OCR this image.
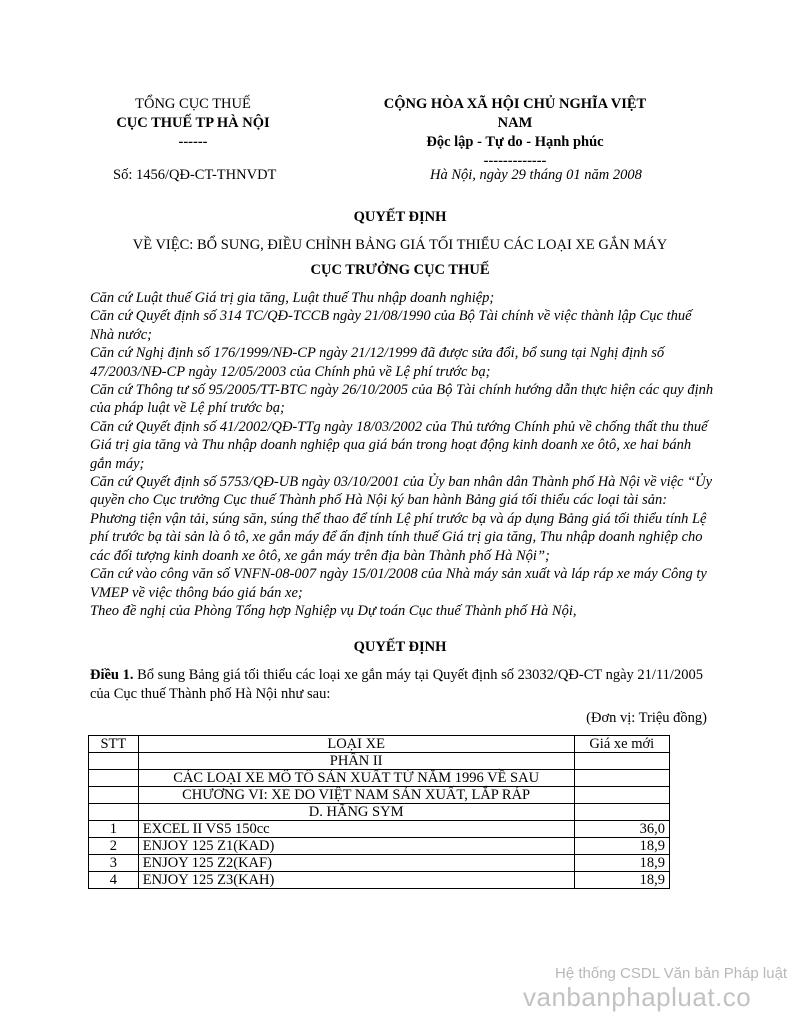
TỔNG CỤC THUẾ
CỤC THUẾ TP HÀ NỘI
------
CỘNG HÒA XÃ HỘI CHỦ NGHĨA VIỆT
NAM
Độc lập - Tự do - Hạnh phúc
-------------
Số: 1456/QĐ-CT-THNVDT	Hà Nội, ngày 29 tháng 01 năm 2008
QUYẾT ĐỊNH
VỀ VIỆC: BỔ SUNG, ĐIỀU CHỈNH BẢNG GIÁ TỐI THIỂU CÁC LOẠI XE GẮN MÁY
CỤC TRƯỞNG CỤC THUẾ

Căn cứ Luật thuế Giá trị gia tăng, Luật thuế Thu nhập doanh nghiệp;

Căn cứ Quyết định số 314 TC/QĐ-TCCB ngày 21/08/1990 của Bộ Tài chính về việc thành lập Cục thuế Nhà nước;

Căn cứ Nghị định số 176/1999/NĐ-CP ngày 21/12/1999 đã được sửa đổi, bổ sung tại Nghị định số 47/2003/NĐ-CP ngày 12/05/2003 của Chính phủ về Lệ phí trước bạ;

Căn cứ Thông tư số 95/2005/TT-BTC ngày 26/10/2005 của Bộ Tài chính hướng dẫn thực hiện các quy định của pháp luật về Lệ phí trước bạ;

Căn cứ Quyết định số 41/2002/QĐ-TTg ngày 18/03/2002 của Thủ tướng Chính phủ về chống thất thu thuế Giá trị gia tăng và Thu nhập doanh nghiệp qua giá bán trong hoạt động kinh doanh xe ôtô, xe hai bánh gắn máy;

Căn cứ Quyết định số 5753/QĐ-UB ngày 03/10/2001 của Ủy ban nhân dân Thành phố Hà Nội về việc “Ủy quyền cho Cục trưởng Cục thuế Thành phố Hà Nội ký ban hành Bảng giá tối thiểu các loại tài sản: Phương tiện vận tải, súng săn, súng thể thao để tính Lệ phí trước bạ và áp dụng Bảng giá tối thiểu tính Lệ phí trước bạ tài sản là ô tô, xe gắn máy để ấn định tính thuế Giá trị gia tăng, Thu nhập doanh nghiệp cho các đối tượng kinh doanh xe ôtô, xe gắn máy trên địa bàn Thành phố Hà Nội”;

Căn cứ vào công văn số VNFN-08-007 ngày 15/01/2008 của Nhà máy sản xuất và láp ráp xe máy Công ty VMEP về việc thông báo giá bán xe;

Theo đề nghị của Phòng Tổng hợp Nghiệp vụ Dự toán Cục thuế Thành phố Hà Nội,

QUYẾT ĐỊNH
Điều 1. Bổ sung Bảng giá tối thiểu các loại xe gắn máy tại Quyết định số 23032/QĐ-CT ngày 21/11/2005 của Cục thuế Thành phố Hà Nội như sau:
(Đơn vị: Triệu đồng)
STT	LOẠI XE	Giá xe mới
	PHẦN II	
	CÁC LOẠI XE MÔ TÔ SẢN XUẤT TỪ NĂM 1996 VỀ SAU	
	CHƯƠNG VI: XE DO VIỆT NAM SẢN XUẤT, LẮP RÁP	
	D. HÃNG SYM	
1	EXCEL II VS5 150cc	36,0
2	ENJOY 125 Z1(KAD)	18,9
3	ENJOY 125 Z2(KAF)	18,9
4	ENJOY 125 Z3(KAH)	18,9
Hệ thống CSDL Văn bản Pháp luật
vanbanphapluat.co
